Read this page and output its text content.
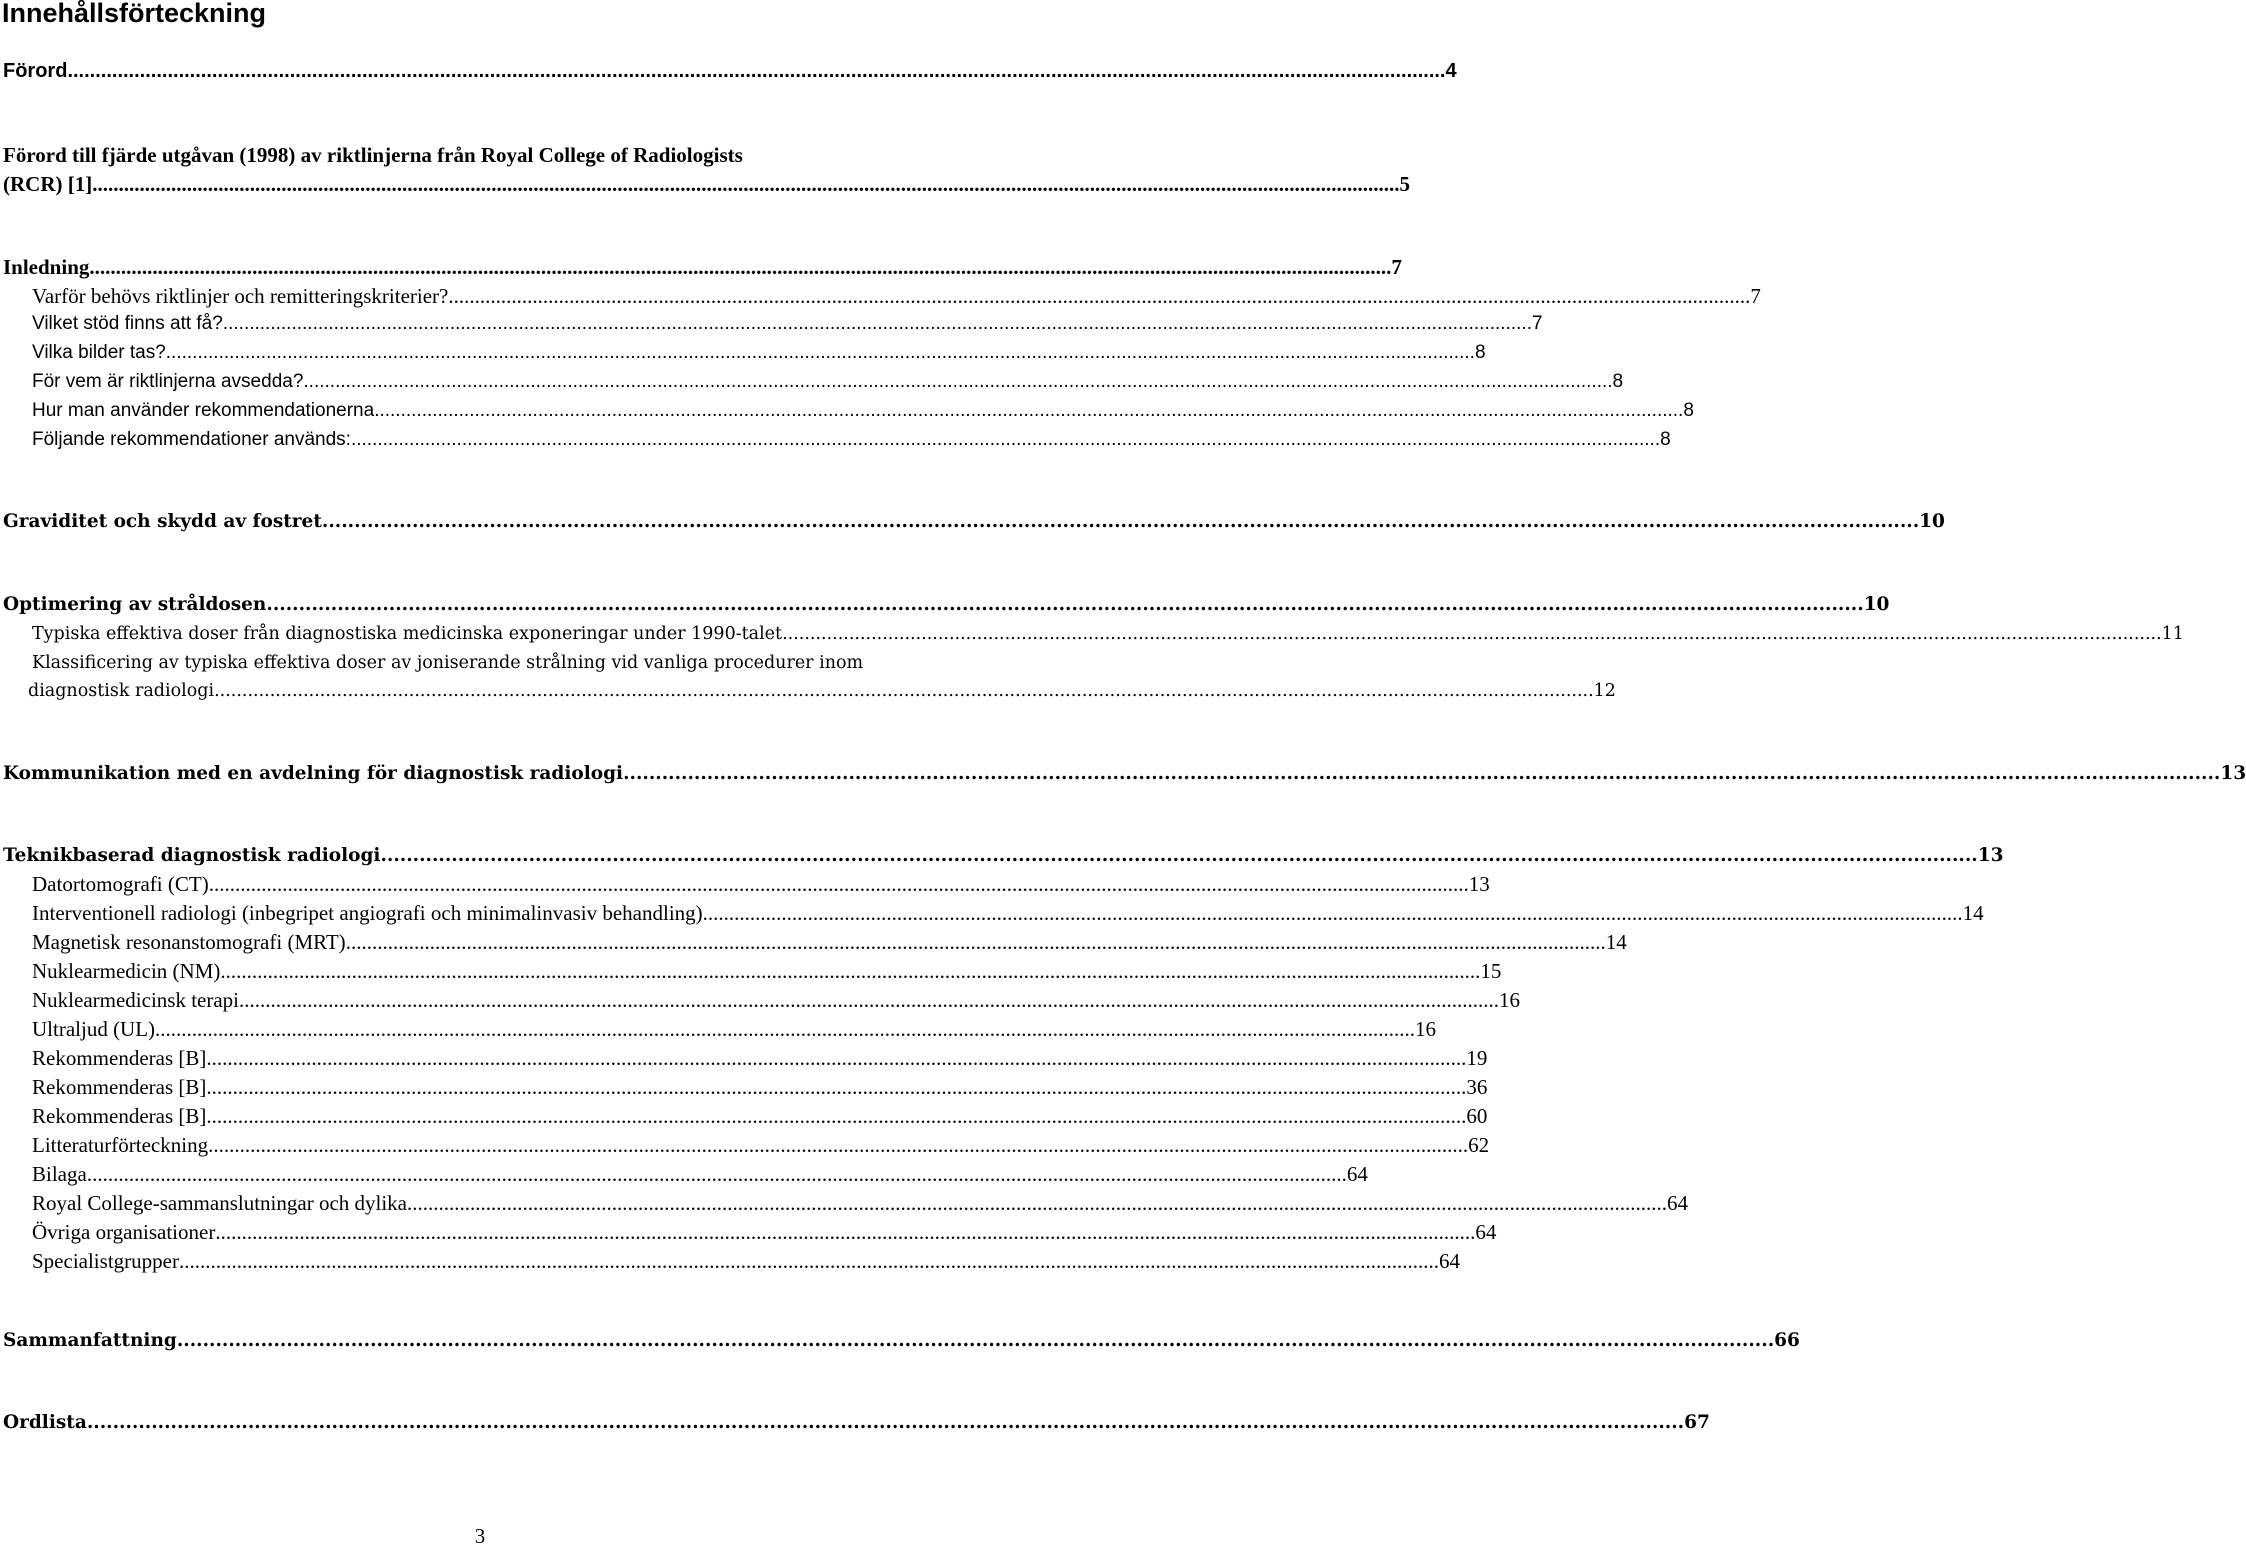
Innehållsförteckning
Förord ........................................................................................................................................................................................................................................................ 4
Förord till fjärde utgåvan (1998) av riktlinjerna från Royal College of Radiologists
(RCR) [1]. ........................................................................................................................................................................................................................................................ 5
Inledning ........................................................................................................................................................................................................................................................ 7
Varför behövs riktlinjer och remitteringskriterier? ........................................................................................................................................................................................................................................................ 7
Vilket stöd finns att få? ........................................................................................................................................................................................................................................................ 7
Vilka bilder tas? ........................................................................................................................................................................................................................................................ 8
För vem är riktlinjerna avsedda? ........................................................................................................................................................................................................................................................ 8
Hur man använder rekommendationerna ........................................................................................................................................................................................................................................................ 8
Följande rekommendationer används: ........................................................................................................................................................................................................................................................ 8
Graviditet och skydd av fostret ........................................................................................................................................................................................................................................................ 10
Optimering av stråldosen ........................................................................................................................................................................................................................................................ 10
Typiska effektiva doser från diagnostiska medicinska exponeringar under 1990-talet ........................................................................................................................................................................................................................................................ 11
Klassificering av typiska effektiva doser av joniserande strålning vid vanliga procedurer inom
diagnostisk radiologi ........................................................................................................................................................................................................................................................ 12
Kommunikation med en avdelning för diagnostisk radiologi ........................................................................................................................................................................................................................................................ 13
Teknikbaserad diagnostisk radiologi ........................................................................................................................................................................................................................................................ 13
Datortomografi (CT) ................................................................................................................................................................................................................................................ 13
Interventionell radiologi (inbegripet angiografi och minimalinvasiv behandling) ................................................................................................................................................................................................................................................ 14
Magnetisk resonanstomografi (MRT) ................................................................................................................................................................................................................................................ 14
Nuklearmedicin (NM) ................................................................................................................................................................................................................................................ 15
Nuklearmedicinsk terapi ................................................................................................................................................................................................................................................ 16
Ultraljud (UL) ................................................................................................................................................................................................................................................ 16
Rekommenderas [B] ................................................................................................................................................................................................................................................ 19
Rekommenderas [B] ................................................................................................................................................................................................................................................ 36
Rekommenderas [B] ................................................................................................................................................................................................................................................ 60
Litteraturförteckning ................................................................................................................................................................................................................................................ 62
Bilaga ................................................................................................................................................................................................................................................ 64
Royal College-sammanslutningar och dylika ................................................................................................................................................................................................................................................ 64
Övriga organisationer ................................................................................................................................................................................................................................................ 64
Specialistgrupper ................................................................................................................................................................................................................................................ 64
Sammanfattning ........................................................................................................................................................................................................................................................ 66
Ordlista ........................................................................................................................................................................................................................................................ 67
3
